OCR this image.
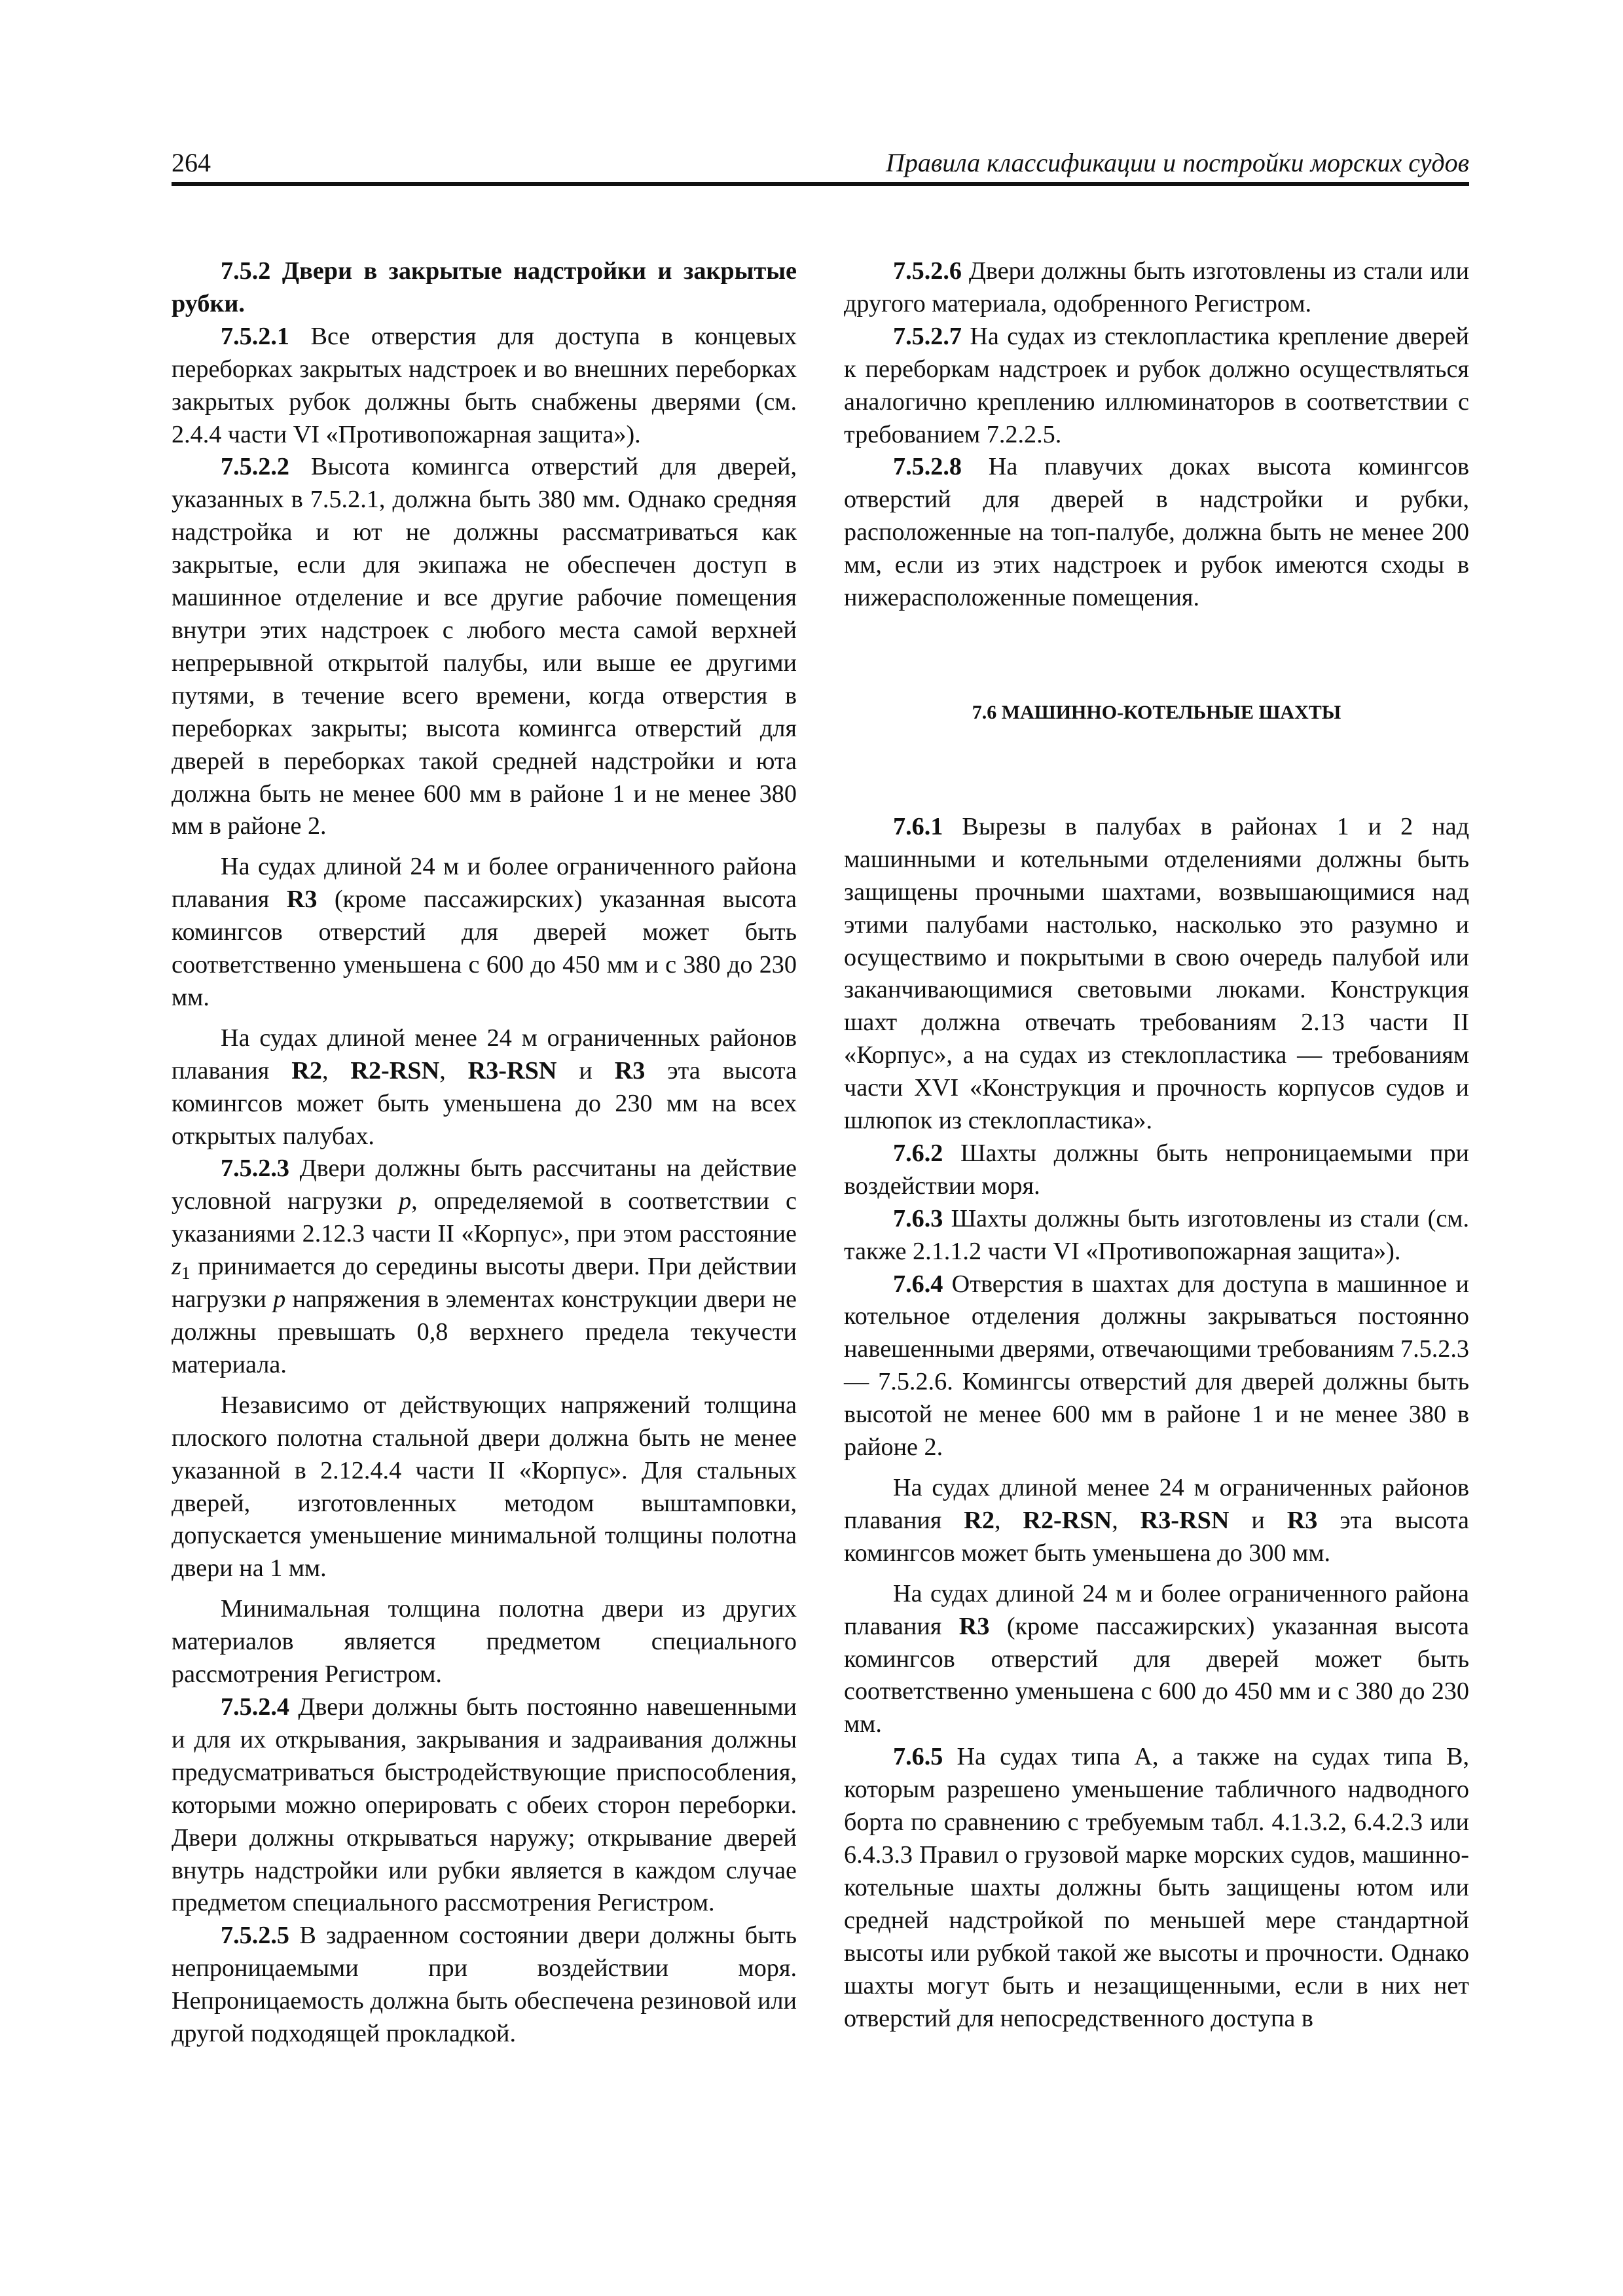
264	Правила классификации и постройки морских судов

7.5.2 Двери в закрытые надстройки и закрытые рубки.

7.5.2.1 Все отверстия для доступа в концевых переборках закрытых надстроек и во внешних переборках закрытых рубок должны быть снабжены дверями (см. 2.4.4 части VI «Противопожарная защита»).

7.5.2.2 Высота комингса отверстий для дверей, указанных в 7.5.2.1, должна быть 380 мм. Однако средняя надстройка и ют не должны рассматриваться как закрытые, если для экипажа не обеспечен доступ в машинное отделение и все другие рабочие помещения внутри этих надстроек с любого места самой верхней непрерывной открытой палубы, или выше ее другими путями, в течение всего времени, когда отверстия в переборках закрыты; высота комингса отверстий для дверей в переборках такой средней надстройки и юта должна быть не менее 600 мм в районе 1 и не менее 380 мм в районе 2.

На судах длиной 24 м и более ограниченного района плавания R3 (кроме пассажирских) указанная высота комингсов отверстий для дверей может быть соответственно уменьшена с 600 до 450 мм и с 380 до 230 мм.

На судах длиной менее 24 м ограниченных районов плавания R2, R2-RSN, R3-RSN и R3 эта высота комингсов может быть уменьшена до 230 мм на всех открытых палубах.

7.5.2.3 Двери должны быть рассчитаны на действие условной нагрузки p, определяемой в соответствии с указаниями 2.12.3 части II «Корпус», при этом расстояние $z_1$ принимается до середины высоты двери. При действии нагрузки p напряжения в элементах конструкции двери не должны превышать 0,8 верхнего предела текучести материала.

Независимо от действующих напряжений толщина плоского полотна стальной двери должна быть не менее указанной в 2.12.4.4 части II «Корпус». Для стальных дверей, изготовленных методом выштамповки, допускается уменьшение минимальной толщины полотна двери на 1 мм.

Минимальная толщина полотна двери из других материалов является предметом специального рассмотрения Регистром.

7.5.2.4 Двери должны быть постоянно навешенными и для их открывания, закрывания и задраивания должны предусматриваться быстродействующие приспособления, которыми можно оперировать с обеих сторон переборки. Двери должны открываться наружу; открывание дверей внутрь надстройки или рубки является в каждом случае предметом специального рассмотрения Регистром.

7.5.2.5 В задраенном состоянии двери должны быть непроницаемыми при воздействии моря. Непроницаемость должна быть обеспечена резиновой или другой подходящей прокладкой.

7.5.2.6 Двери должны быть изготовлены из стали или другого материала, одобренного Регистром.

7.5.2.7 На судах из стеклопластика крепление дверей к переборкам надстроек и рубок должно осуществляться аналогично креплению иллюминаторов в соответствии с требованием 7.2.2.5.

7.5.2.8 На плавучих доках высота комингсов отверстий для дверей в надстройки и рубки, расположенные на топ-палубе, должна быть не менее 200 мм, если из этих надстроек и рубок имеются сходы в нижерасположенные помещения.

7.6 МАШИННО-КОТЕЛЬНЫЕ ШАХТЫ

7.6.1 Вырезы в палубах в районах 1 и 2 над машинными и котельными отделениями должны быть защищены прочными шахтами, возвышающимися над этими палубами настолько, насколько это разумно и осуществимо и покрытыми в свою очередь палубой или заканчивающимися световыми люками. Конструкция шахт должна отвечать требованиям 2.13 части II «Корпус», а на судах из стеклопластика — требованиям части XVI «Конструкция и прочность корпусов судов и шлюпок из стеклопластика».

7.6.2 Шахты должны быть непроницаемыми при воздействии моря.

7.6.3 Шахты должны быть изготовлены из стали (см. также 2.1.1.2 части VI «Противопожарная защита»).

7.6.4 Отверстия в шахтах для доступа в машинное и котельное отделения должны закрываться постоянно навешенными дверями, отвечающими требованиям 7.5.2.3 — 7.5.2.6. Комингсы отверстий для дверей должны быть высотой не менее 600 мм в районе 1 и не менее 380 в районе 2.

На судах длиной менее 24 м ограниченных районов плавания R2, R2-RSN, R3-RSN и R3 эта высота комингсов может быть уменьшена до 300 мм.

На судах длиной 24 м и более ограниченного района плавания R3 (кроме пассажирских) указанная высота комингсов отверстий для дверей может быть соответственно уменьшена с 600 до 450 мм и с 380 до 230 мм.

7.6.5 На судах типа А, а также на судах типа В, которым разрешено уменьшение табличного надводного борта по сравнению с требуемым табл. 4.1.3.2, 6.4.2.3 или 6.4.3.3 Правил о грузовой марке морских судов, машинно-котельные шахты должны быть защищены ютом или средней надстройкой по меньшей мере стандартной высоты или рубкой такой же высоты и прочности. Однако шахты могут быть и незащищенными, если в них нет отверстий для непосредственного доступа в
